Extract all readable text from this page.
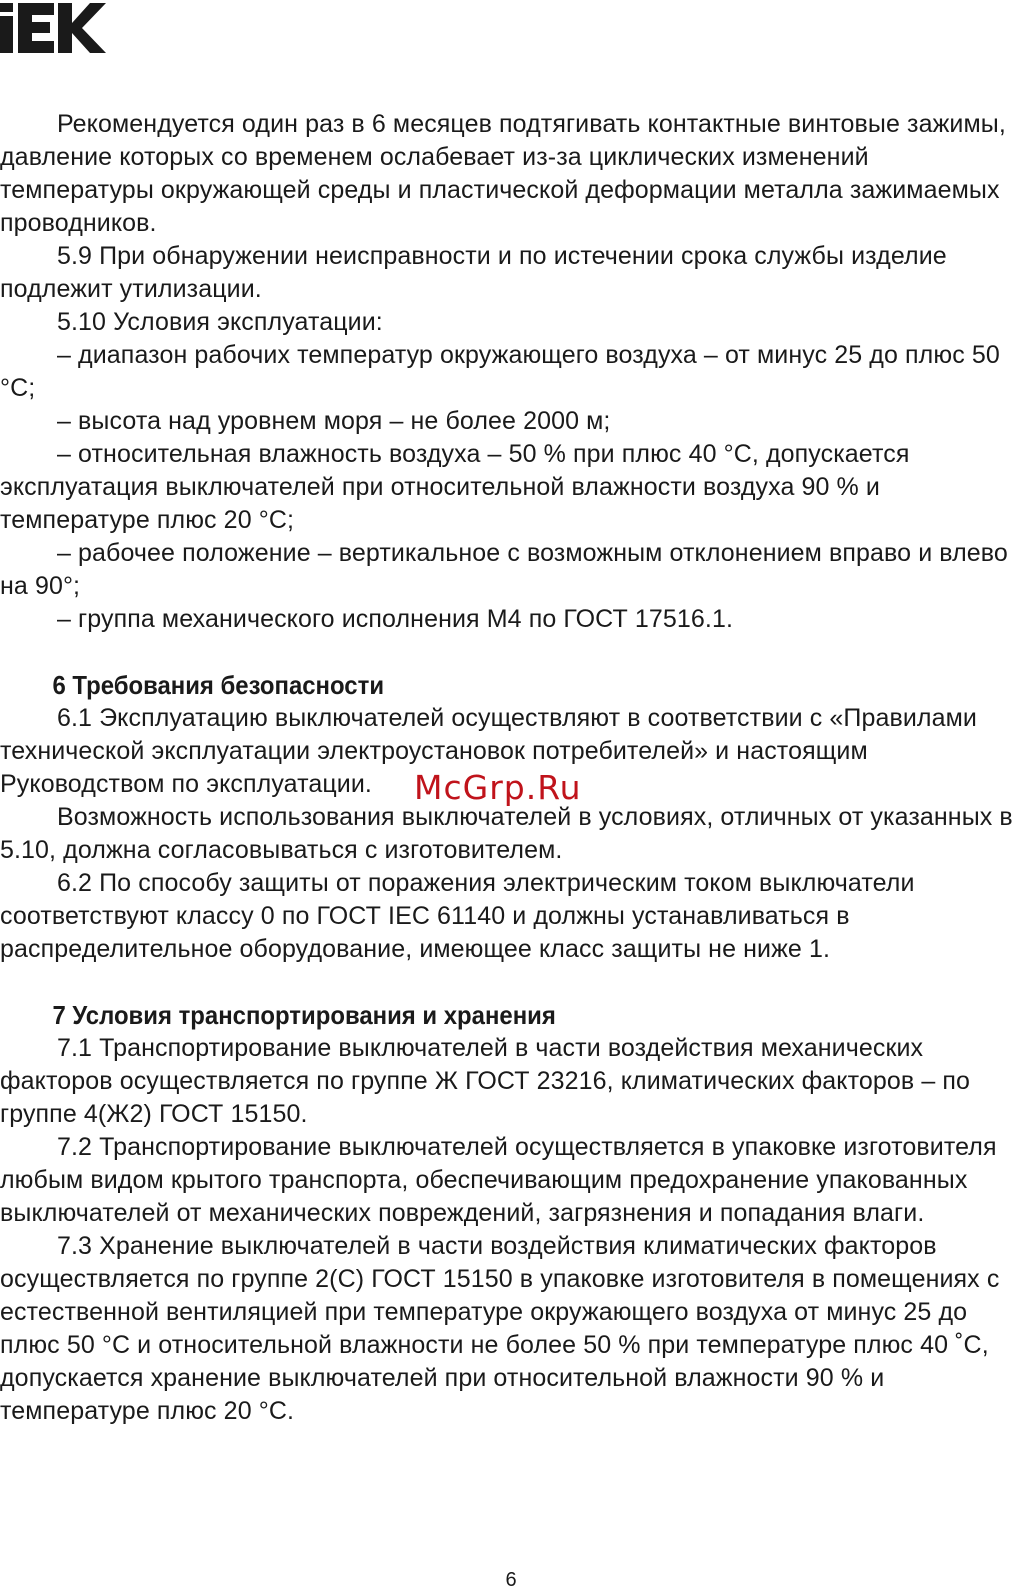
Рекомендуется один раз в 6 месяцев подтягивать контактные винтовые зажимы, давление которых со временем ослабевает из-за циклических изменений температуры окружающей среды и пластической деформации металла зажимаемых проводников.

5.9 При обнаружении неисправности и по истечении срока службы изделие подлежит утилизации.

5.10 Условия эксплуатации:

– диапазон рабочих температур окружающего воздуха – от минус 25 до плюс 50 °С;

– высота над уровнем моря – не более 2000 м;

– относительная влажность воздуха – 50 % при плюс 40 °С, допускается эксплуатация выключателей при относительной влажности воздуха 90 % и температуре плюс 20 °С;

– рабочее положение – вертикальное с возможным отклонением вправо и влево на 90°;

– группа механического исполнения М4 по ГОСТ 17516.1.

6 Требования безопасности

6.1 Эксплуатацию выключателей осуществляют в соответствии с «Правилами технической эксплуатации электроустановок потребителей» и настоящим Руководством по эксплуатации.

Возможность использования выключателей в условиях, отличных от указанных в 5.10, должна согласовываться с изготовителем.

6.2 По способу защиты от поражения электрическим током выключатели соответствуют классу 0 по ГОСТ IEC 61140 и должны устанавливаться в распределительное оборудование, имеющее класс защиты не ниже 1.

7 Условия транспортирования и хранения

7.1 Транспортирование выключателей в части воздействия механических факторов осуществляется по группе Ж ГОСТ 23216, климатических факторов – по группе 4(Ж2) ГОСТ 15150.

7.2 Транспортирование выключателей осуществляется в упаковке изготовителя любым видом крытого транспорта, обеспечивающим предохранение упакованных выключателей от механических повреждений, загрязнения и попадания влаги.

7.3 Хранение выключателей в части воздействия климатических факторов осуществляется по группе 2(С) ГОСТ 15150 в упаковке изготовителя в помещениях с естественной вентиляцией при температуре окружающего воздуха от минус 25 до плюс 50 °С и относительной влажности не более 50 % при температуре плюс 40 ˚С, допускается хранение выключателей при относительной влажности 90 % и температуре плюс 20 °С.

McGrp.Ru
6
